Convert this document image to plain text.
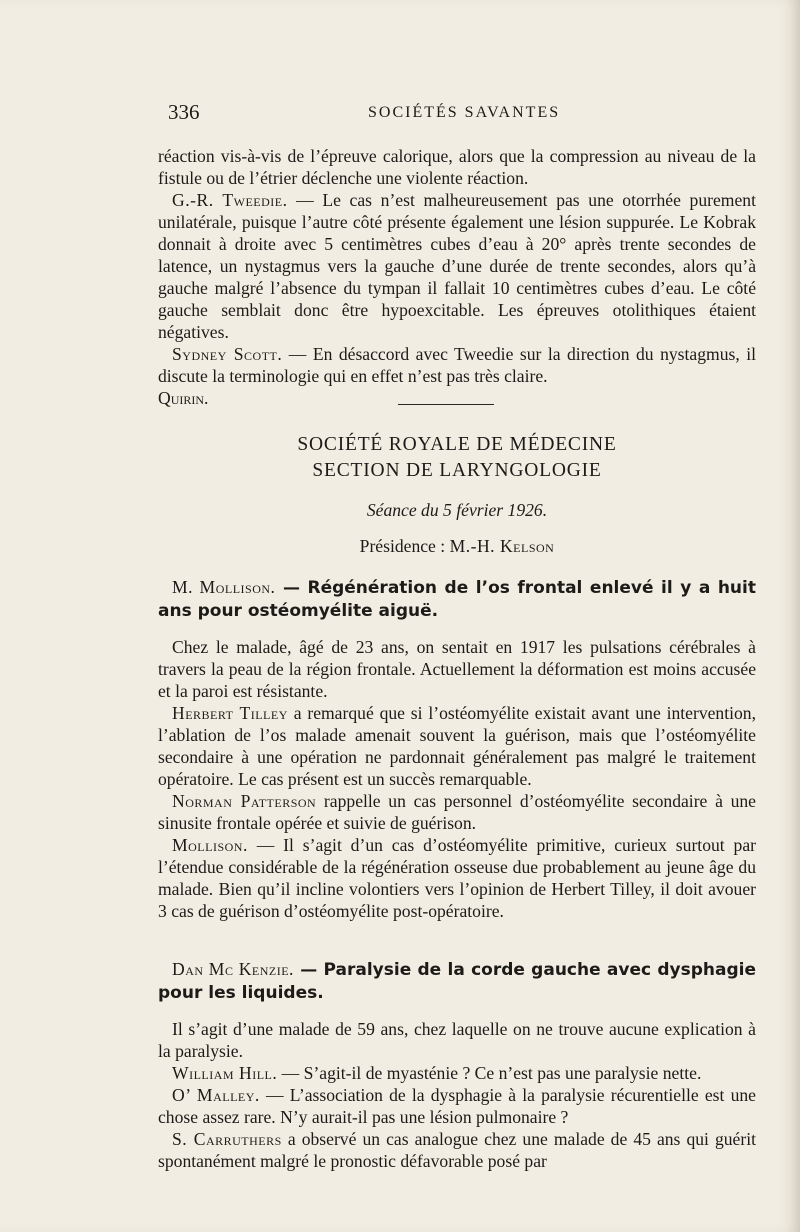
336	SOCIÉTÉS SAVANTES

réaction vis-à-vis de l’épreuve calorique, alors que la compression au niveau de la fistule ou de l’étrier déclenche une violente réaction.

G.-R. Tweedie. — Le cas n’est malheureusement pas une otorrhée purement unilatérale, puisque l’autre côté présente également une lésion suppurée. Le Kobrak donnait à droite avec 5 centimètres cubes d’eau à 20° après trente secondes de latence, un nystagmus vers la gauche d’une durée de trente secondes, alors qu’à gauche malgré l’absence du tympan il fallait 10 centimètres cubes d’eau. Le côté gauche semblait donc être hypoexcitable. Les épreuves otolithiques étaient négatives.

Sydney Scott. — En désaccord avec Tweedie sur la direction du nystagmus, il discute la terminologie qui en effet n’est pas très claire.

Quirin.

SOCIÉTÉ ROYALE DE MÉDECINE
SECTION DE LARYNGOLOGIE
Séance du 5 février 1926.
Présidence : M.-H. Kelson

M. Mollison. — Régénération de l’os frontal enlevé il y a huit ans pour ostéomyélite aiguë.

Chez le malade, âgé de 23 ans, on sentait en 1917 les pulsations cérébrales à travers la peau de la région frontale. Actuellement la déformation est moins accusée et la paroi est résistante.

Herbert Tilley a remarqué que si l’ostéomyélite existait avant une intervention, l’ablation de l’os malade amenait souvent la guérison, mais que l’ostéomyélite secondaire à une opération ne pardonnait généralement pas malgré le traitement opératoire. Le cas présent est un succès remarquable.

Norman Patterson rappelle un cas personnel d’ostéomyélite secondaire à une sinusite frontale opérée et suivie de guérison.

Mollison. — Il s’agit d’un cas d’ostéomyélite primitive, curieux surtout par l’étendue considérable de la régénération osseuse due probablement au jeune âge du malade. Bien qu’il incline volontiers vers l’opinion de Herbert Tilley, il doit avouer 3 cas de guérison d’ostéomyélite post-opératoire.

Dan Mc Kenzie. — Paralysie de la corde gauche avec dysphagie pour les liquides.

Il s’agit d’une malade de 59 ans, chez laquelle on ne trouve aucune explication à la paralysie.

William Hill. — S’agit-il de myasténie ? Ce n’est pas une paralysie nette.

O’ Malley. — L’association de la dysphagie à la paralysie récurentielle est une chose assez rare. N’y aurait-il pas une lésion pulmonaire ?

S. Carruthers a observé un cas analogue chez une malade de 45 ans qui guérit spontanément malgré le pronostic défavorable posé par
